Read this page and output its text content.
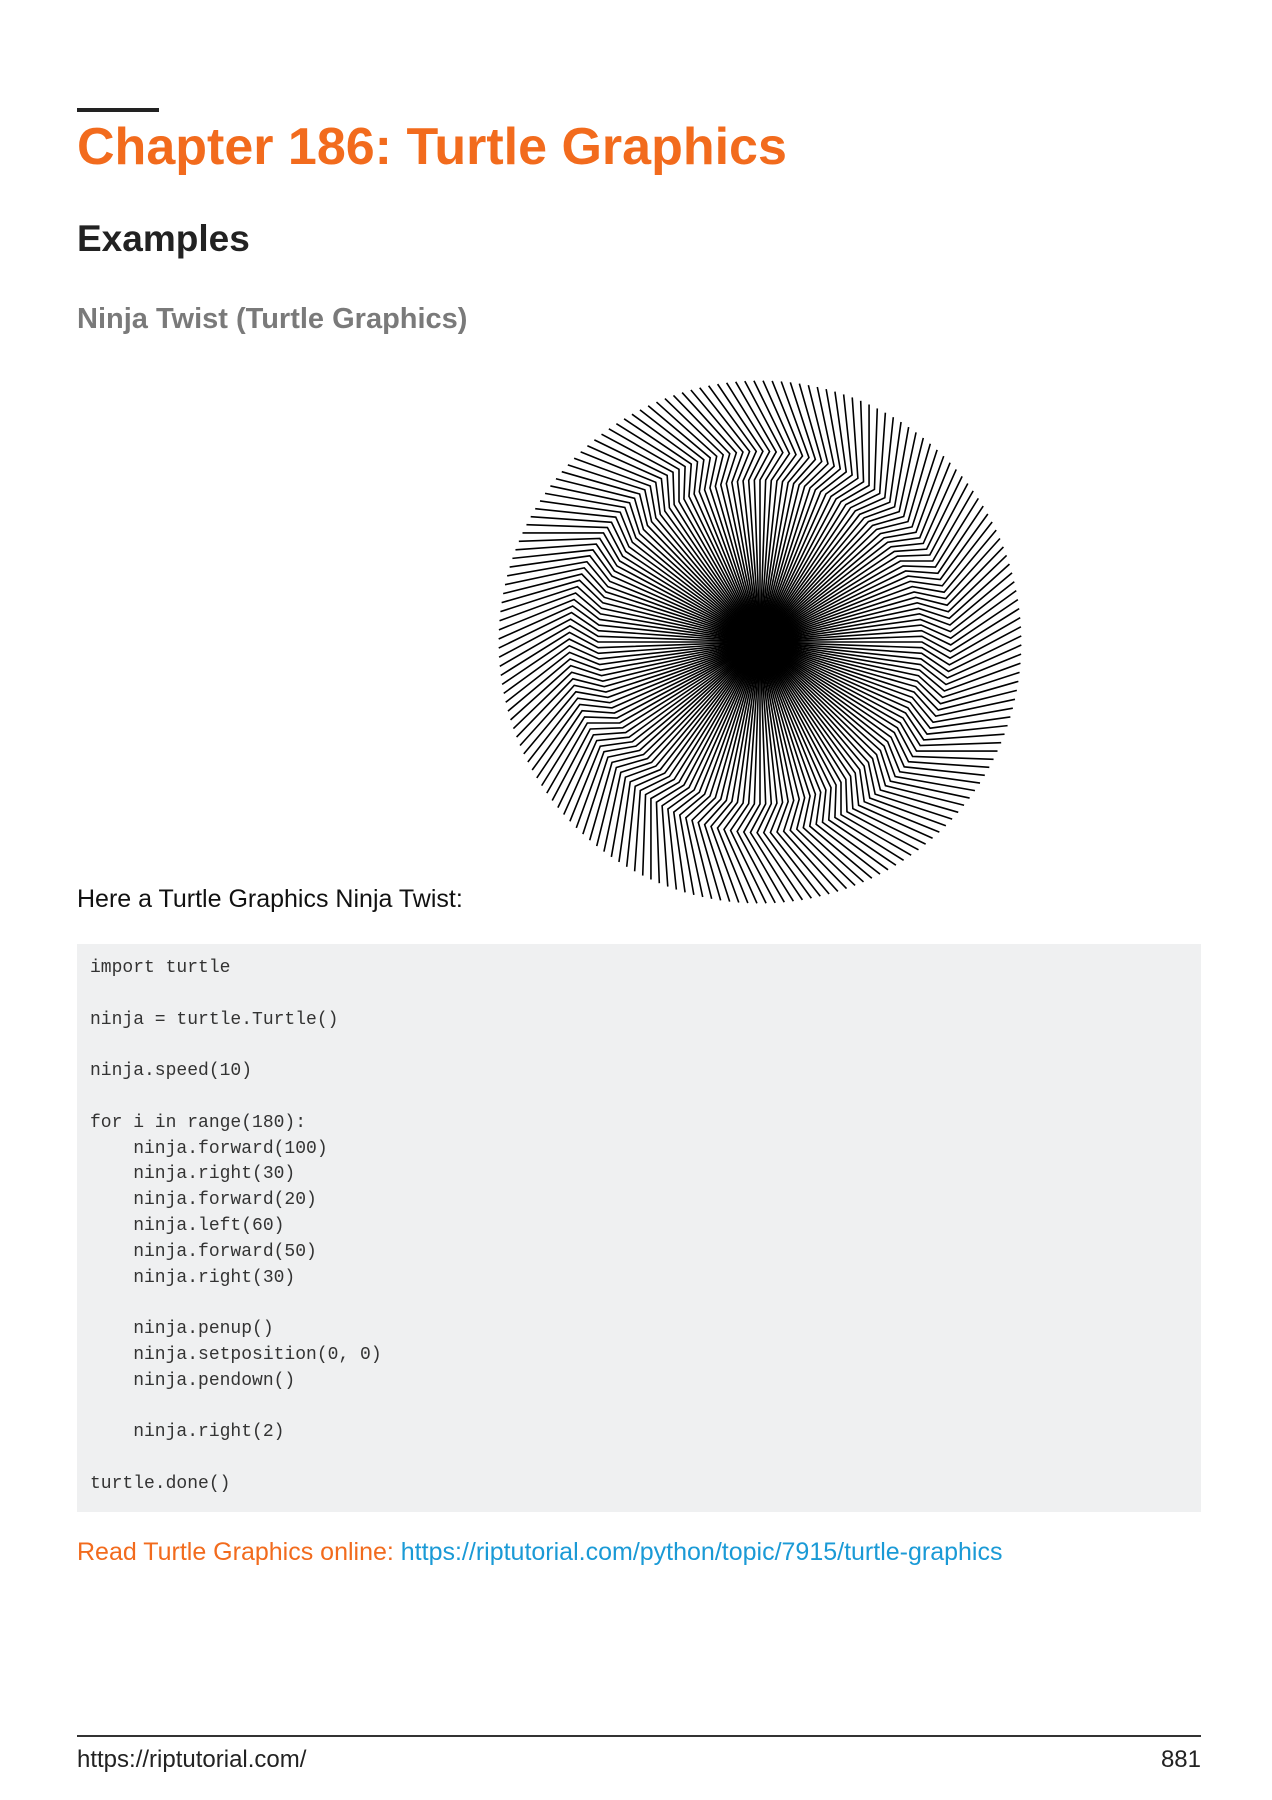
Chapter 186: Turtle Graphics
Examples
Ninja Twist (Turtle Graphics)

Here a Turtle Graphics Ninja Twist:

import turtle

ninja = turtle.Turtle()

ninja.speed(10)

for i in range(180):
ninja.forward(100)
ninja.right(30)
ninja.forward(20)
ninja.left(60)
ninja.forward(50)
ninja.right(30)

ninja.penup()
ninja.setposition(0, 0)
ninja.pendown()

ninja.right(2)

turtle.done()

Read Turtle Graphics online: https://riptutorial.com/python/topic/7915/turtle-graphics

https://riptutorial.com/	881
